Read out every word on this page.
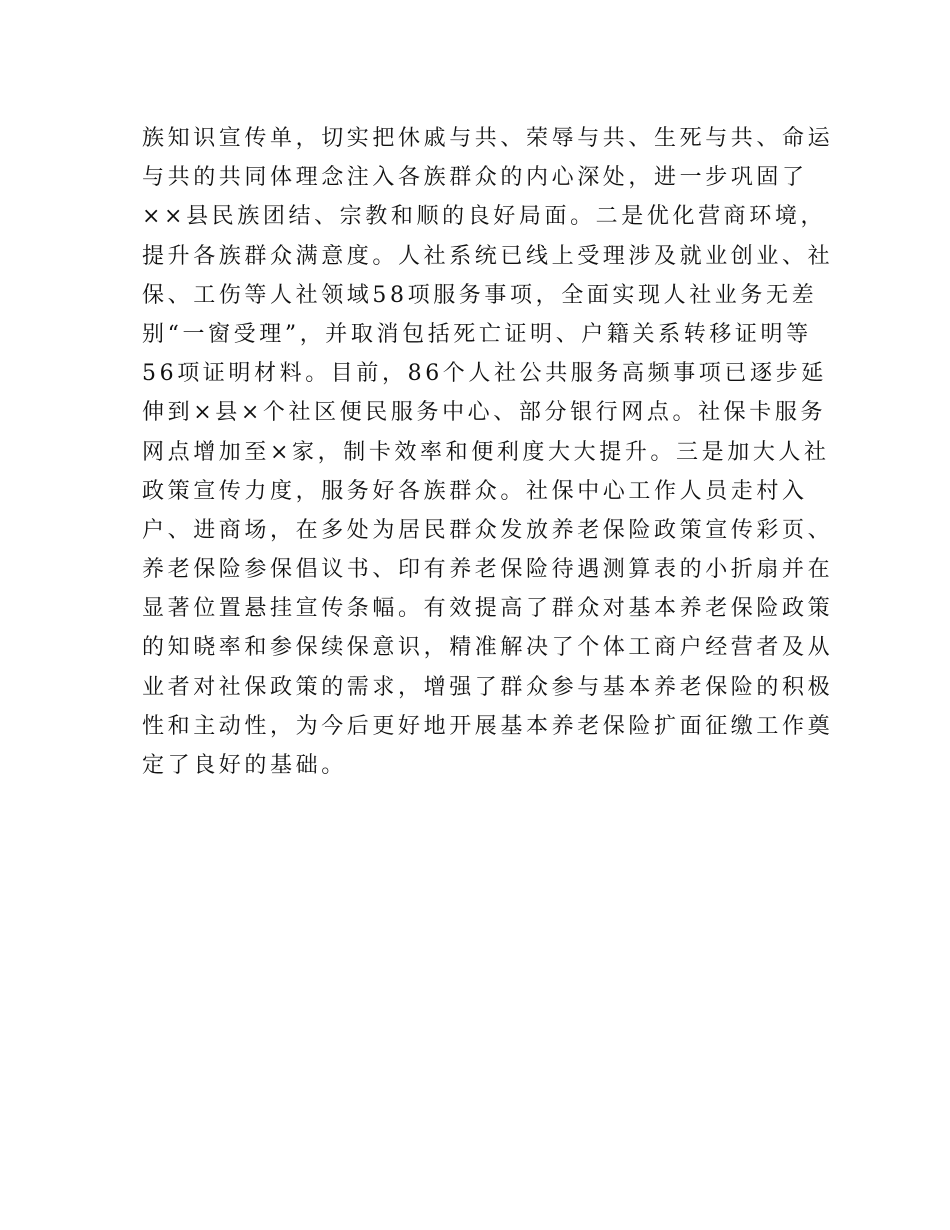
族知识宣传单，切实把休戚与共、荣辱与共、生死与共、命运
与共的共同体理念注入各族群众的内心深处，进一步巩固了
××县民族团结、宗教和顺的良好局面。二是优化营商环境，
提升各族群众满意度。人社系统已线上受理涉及就业创业、社
保、工伤等人社领域58项服务事项，全面实现人社业务无差
别“一窗受理”，并取消包括死亡证明、户籍关系转移证明等
56项证明材料。目前，86个人社公共服务高频事项已逐步延
伸到×县×个社区便民服务中心、部分银行网点。社保卡服务
网点增加至×家，制卡效率和便利度大大提升。三是加大人社
政策宣传力度，服务好各族群众。社保中心工作人员走村入
户、进商场，在多处为居民群众发放养老保险政策宣传彩页、
养老保险参保倡议书、印有养老保险待遇测算表的小折扇并在
显著位置悬挂宣传条幅。有效提高了群众对基本养老保险政策
的知晓率和参保续保意识，精准解决了个体工商户经营者及从
业者对社保政策的需求，增强了群众参与基本养老保险的积极
性和主动性，为今后更好地开展基本养老保险扩面征缴工作奠
定了良好的基础。
